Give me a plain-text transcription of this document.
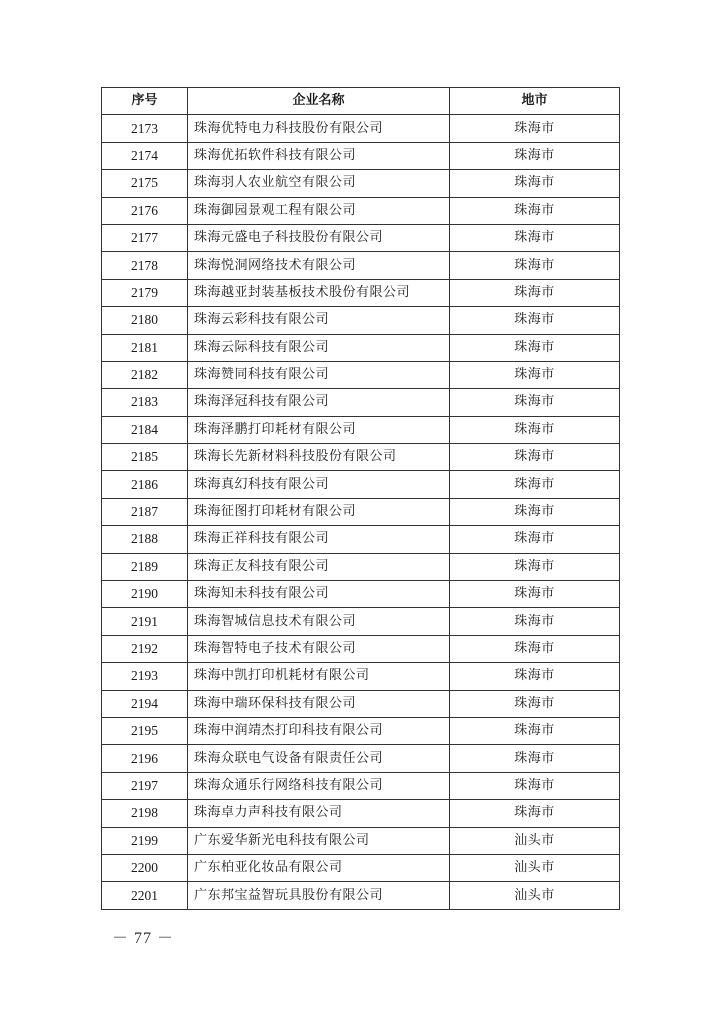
序号	企业名称	地市
2173	珠海优特电力科技股份有限公司	珠海市
2174	珠海优拓软件科技有限公司	珠海市
2175	珠海羽人农业航空有限公司	珠海市
2176	珠海御园景观工程有限公司	珠海市
2177	珠海元盛电子科技股份有限公司	珠海市
2178	珠海悦洞网络技术有限公司	珠海市
2179	珠海越亚封装基板技术股份有限公司	珠海市
2180	珠海云彩科技有限公司	珠海市
2181	珠海云际科技有限公司	珠海市
2182	珠海赞同科技有限公司	珠海市
2183	珠海泽冠科技有限公司	珠海市
2184	珠海泽鹏打印耗材有限公司	珠海市
2185	珠海长先新材料科技股份有限公司	珠海市
2186	珠海真幻科技有限公司	珠海市
2187	珠海征图打印耗材有限公司	珠海市
2188	珠海正祥科技有限公司	珠海市
2189	珠海正友科技有限公司	珠海市
2190	珠海知未科技有限公司	珠海市
2191	珠海智城信息技术有限公司	珠海市
2192	珠海智特电子技术有限公司	珠海市
2193	珠海中凯打印机耗材有限公司	珠海市
2194	珠海中瑞环保科技有限公司	珠海市
2195	珠海中润靖杰打印科技有限公司	珠海市
2196	珠海众联电气设备有限责任公司	珠海市
2197	珠海众通乐行网络科技有限公司	珠海市
2198	珠海卓力声科技有限公司	珠海市
2199	广东爱华新光电科技有限公司	汕头市
2200	广东柏亚化妆品有限公司	汕头市
2201	广东邦宝益智玩具股份有限公司	汕头市
－ 77 －
